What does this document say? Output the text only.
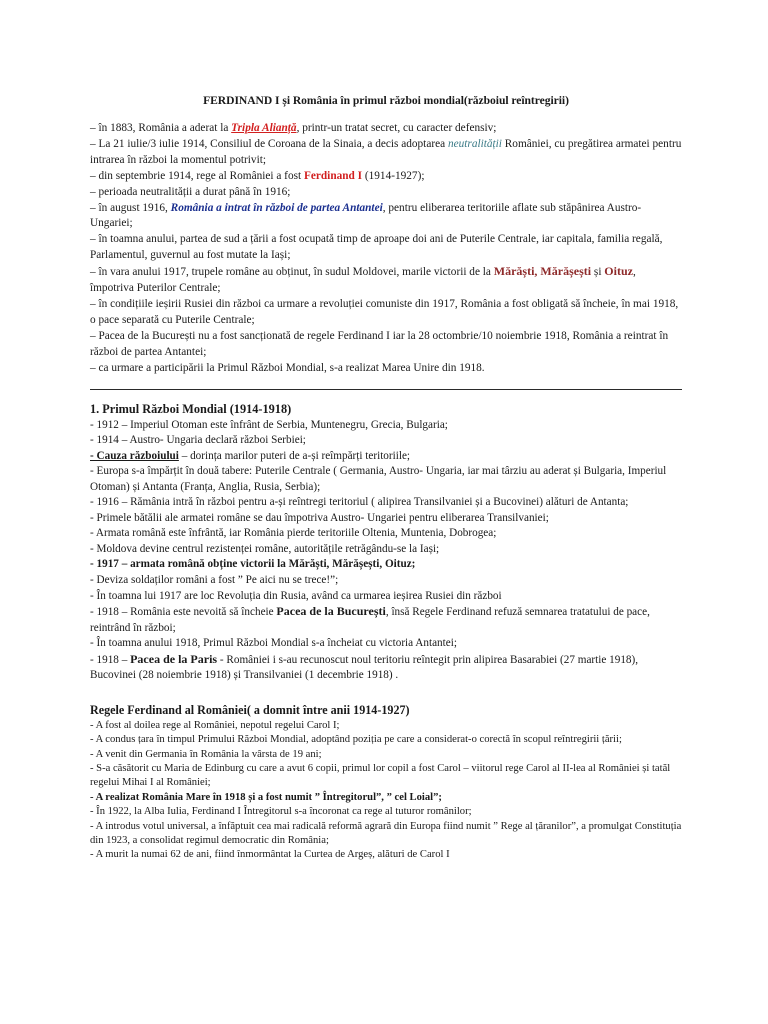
FERDINAND I și România în primul război mondial(războiul reîntregirii)

– în 1883, România a aderat la Tripla Alianță, printr-un tratat secret, cu caracter defensiv;

– La 21 iulie/3 iulie 1914, Consiliul de Coroana de la Sinaia, a decis adoptarea neutralității României, cu pregătirea armatei pentru intrarea în război la momentul potrivit;

– din septembrie 1914, rege al României a fost Ferdinand I (1914-1927);

– perioada neutralității a durat până în 1916;

– în august 1916, România a intrat în război de partea Antantei, pentru eliberarea teritoriile aflate sub stăpânirea Austro-Ungariei;

– în toamna anului, partea de sud a țării a fost ocupată timp de aproape doi ani de Puterile Centrale, iar capitala, familia regală, Parlamentul, guvernul au fost mutate la Iași;

– în vara anului 1917, trupele române au obținut, în sudul Moldovei, marile victorii de la Mărăști, Mărășești și Oituz, împotriva Puterilor Centrale;

– în condițiile ieșirii Rusiei din război ca urmare a revoluției comuniste din 1917, România a fost obligată să încheie, în mai 1918, o pace separată cu Puterile Centrale;

– Pacea de la București nu a fost sancționată de regele Ferdinand I iar la 28 octombrie/10 noiembrie 1918, România a reintrat în război de partea Antantei;

– ca urmare a participării la Primul Război Mondial, s-a realizat Marea Unire din 1918.

1. Primul Război Mondial (1914-1918)

- 1912 – Imperiul Otoman este înfrânt de Serbia, Muntenegru, Grecia, Bulgaria;

- 1914 – Austro- Ungaria declară război Serbiei;

- Cauza războiului – dorința marilor puteri de a-și reîmpărți teritoriile;

- Europa s-a împărțit în două tabere: Puterile Centrale ( Germania, Austro- Ungaria, iar mai târziu au aderat și Bulgaria, Imperiul Otoman) și Antanta (Franța, Anglia, Rusia, Serbia);

- 1916 – Rămânia intră în război pentru a-și reîntregi teritoriul ( alipirea Transilvaniei și a Bucovinei) alături de Antanta;

- Primele bătălii ale armatei române se dau împotriva Austro- Ungariei pentru eliberarea Transilvaniei;

- Armata română este înfrântă, iar România pierde teritoriile Oltenia, Muntenia, Dobrogea;

- Moldova devine centrul rezistenței române, autoritățile retrăgându-se la Iași;

- 1917 – armata română obține victorii la Mărăști, Mărășești, Oituz;

- Deviza soldaților români a fost ” Pe aici nu se trece!”;

- În toamna lui 1917 are loc Revoluția din Rusia, având ca urmarea ieșirea Rusiei din război

- 1918 – România este nevoită să încheie Pacea de la București, însă Regele Ferdinand refuză semnarea tratatului de pace, reintrând în război;

- În toamna anului 1918, Primul Război Mondial s-a încheiat cu victoria Antantei;

- 1918 – Pacea de la Paris - României i s-au recunoscut noul teritoriu reîntegit prin alipirea Basarabiei (27 martie 1918), Bucovinei (28 noiembrie 1918) și Transilvaniei (1 decembrie 1918) .

Regele Ferdinand al României( a domnit între anii 1914-1927)

- A fost al doilea rege al României, nepotul regelui Carol I;

- A condus țara în timpul Primului Război Mondial, adoptând poziția pe care a considerat-o corectă în scopul reîntregirii țării;

- A venit din Germania în România la vârsta de 19 ani;

- S-a căsătorit cu Maria de Edinburg cu care a avut 6 copii, primul lor copil a fost Carol – viitorul rege Carol al II-lea al României și tatăl regelui Mihai I al României;

- A realizat România Mare în 1918 și a fost numit ” Întregitorul”, ” cel Loial”;

- În 1922, la Alba Iulia, Ferdinand I Întregitorul s-a încoronat ca rege al tuturor românilor;

- A introdus votul universal, a înfăptuit cea mai radicală reformă agrară din Europa fiind numit ” Rege al țăranilor”, a promulgat Constituția din 1923, a consolidat regimul democratic din România;

- A murit la numai 62 de ani, fiind înmormântat la Curtea de Argeș, alături de Carol I
